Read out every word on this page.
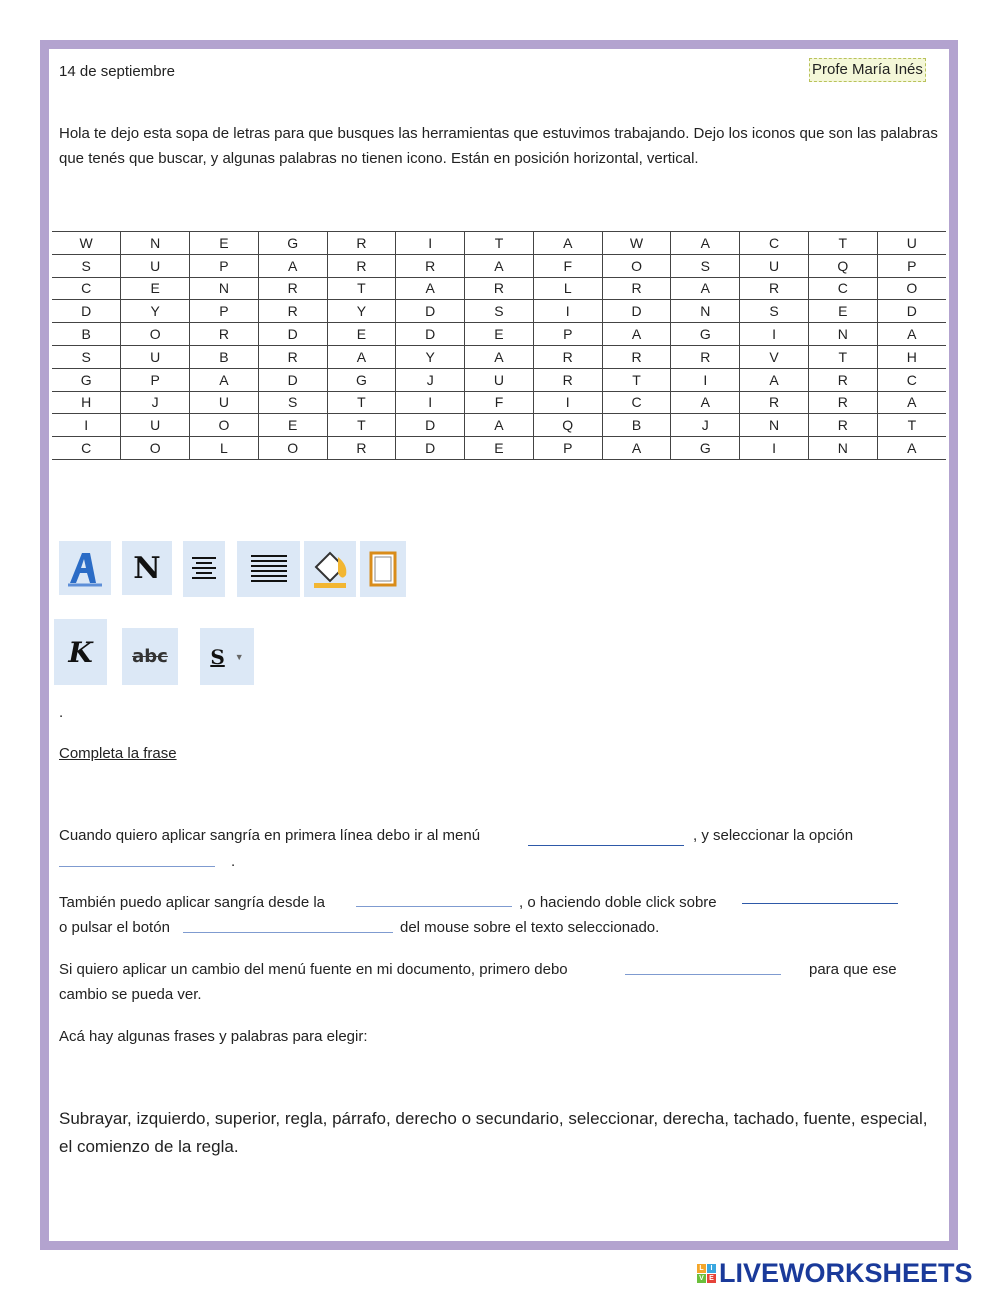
14 de septiembre	Profe María Inés
Hola te dejo esta sopa de letras para que busques las herramientas que estuvimos trabajando. Dejo los iconos que son las palabras que tenés que buscar, y algunas palabras no tienen icono. Están en posición horizontal, vertical.
W	N	E	G	R	I	T	A	W	A	C	T	U
S	U	P	A	R	R	A	F	O	S	U	Q	P
C	E	N	R	T	A	R	L	R	A	R	C	O
D	Y	P	R	Y	D	S	I	D	N	S	E	D
B	O	R	D	E	D	E	P	A	G	I	N	A
S	U	B	R	A	Y	A	R	R	R	V	T	H
G	P	A	D	G	J	U	R	T	I	A	R	C
H	J	U	S	T	I	F	I	C	A	R	R	A
I	U	O	E	T	D	A	Q	B	J	N	R	T
C	O	L	O	R	D	E	P	A	G	I	N	A
N
K abc S ▼
.
Completa la frase
Cuando quiero aplicar sangría en primera línea debo ir al menú	, y seleccionar la opción
.
También puedo aplicar sangría desde la	, o haciendo doble click sobre
o pulsar el botón	del mouse sobre el texto seleccionado.
Si quiero aplicar un cambio del menú fuente en mi documento, primero debo	para que ese
cambio se pueda ver.
Acá hay algunas frases y palabras para elegir:
Subrayar, izquierdo, superior, regla, párrafo, derecho o secundario, seleccionar, derecha, tachado, fuente, especial, el comienzo de la regla.
L I
V E LIVEWORKSHEETS
